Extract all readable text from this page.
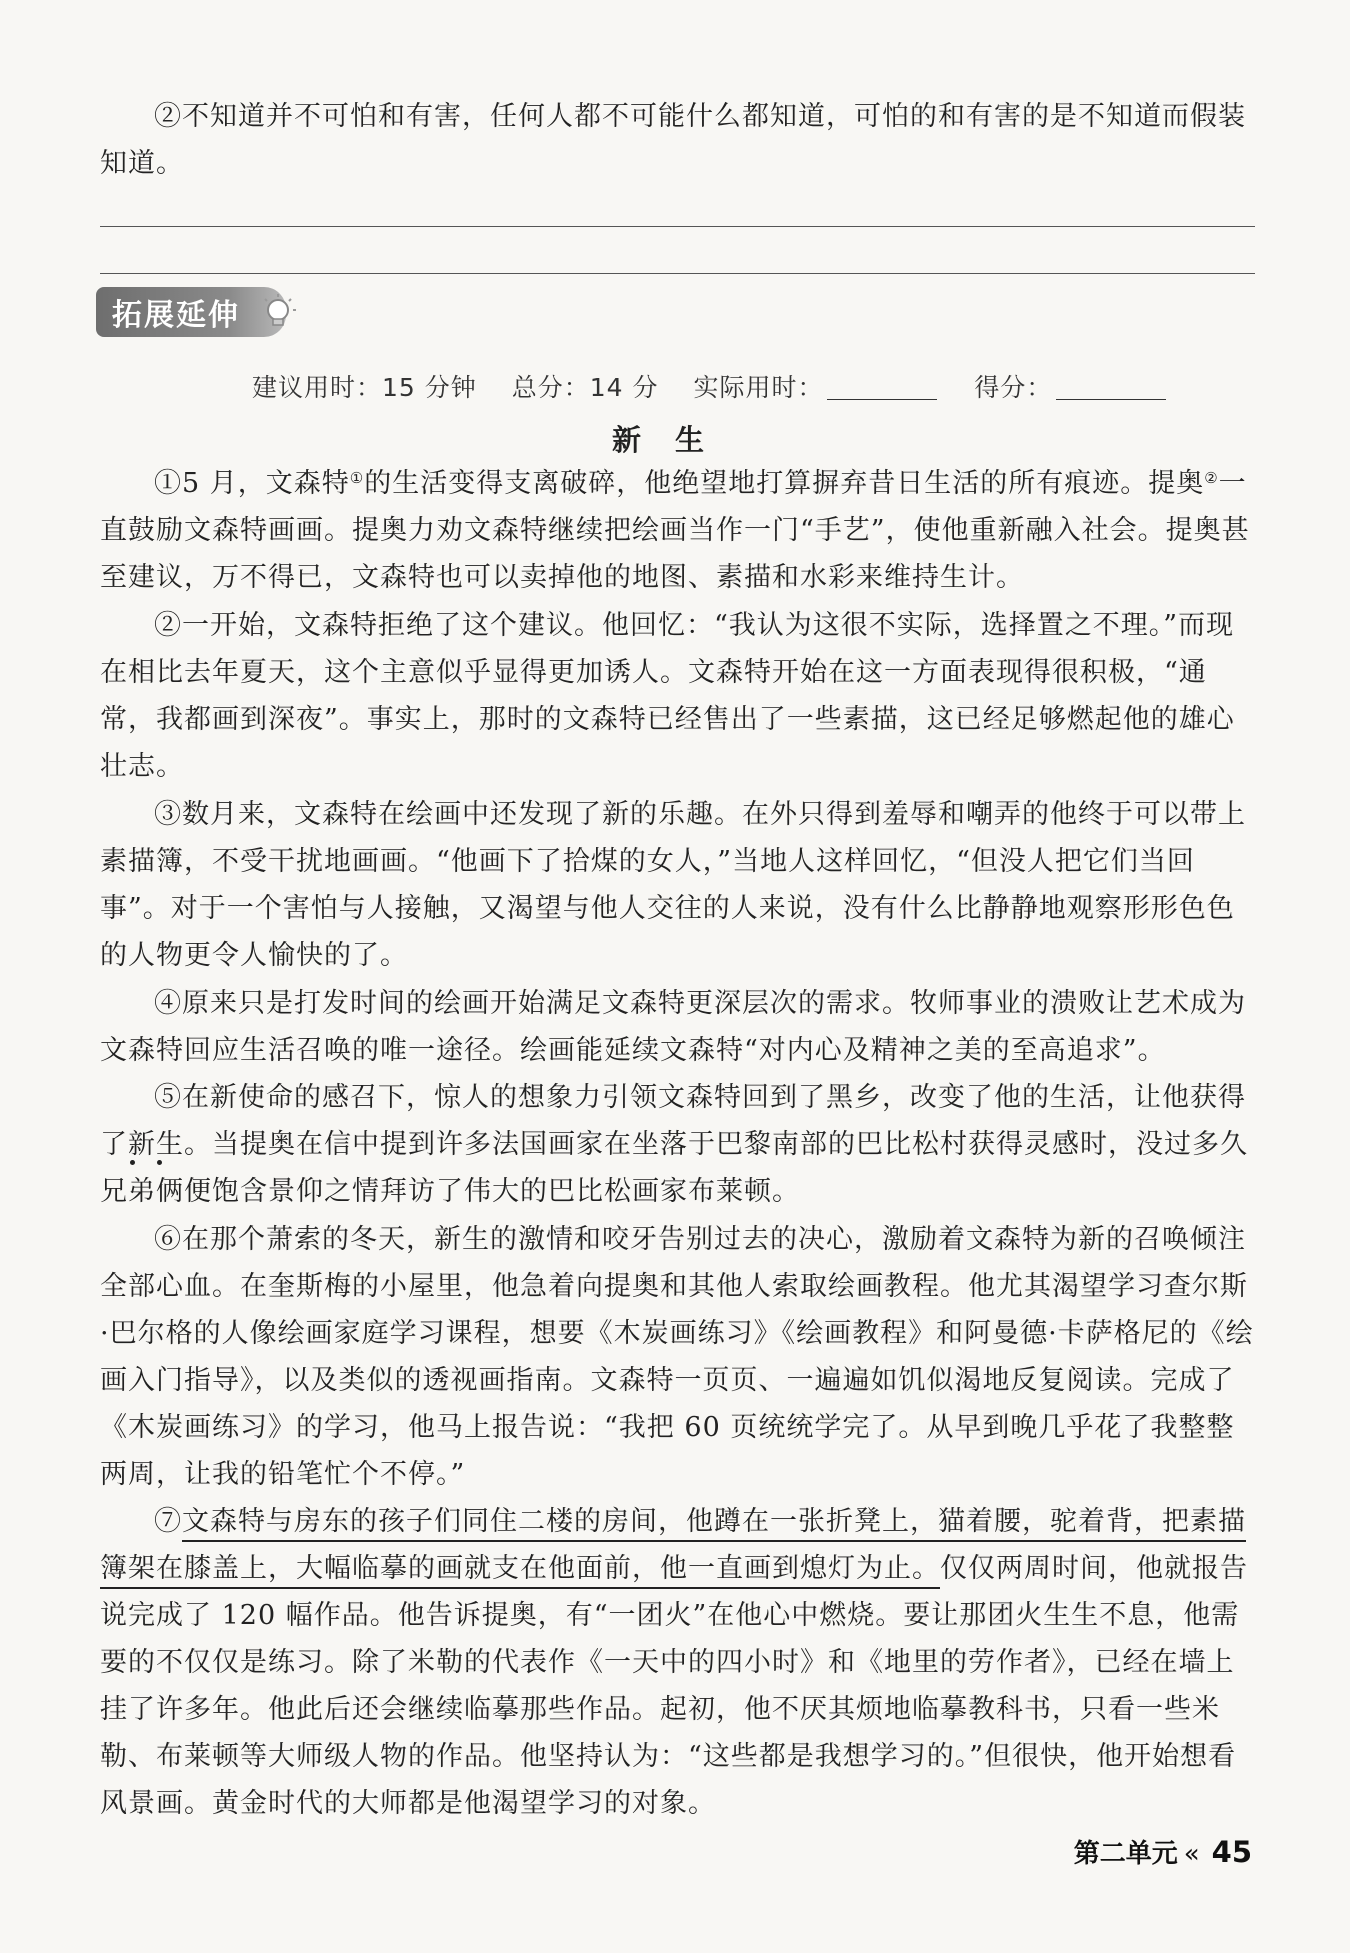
②不知道并不可怕和有害，任何人都不可能什么都知道，可怕的和有害的是不知道而假装知道。

拓展延伸
建议用时：15 分钟 总分：14 分 实际用时：	得分：
新生

①5 月，文森特①的生活变得支离破碎，他绝望地打算摒弃昔日生活的所有痕迹。提奥②一直鼓励文森特画画。提奥力劝文森特继续把绘画当作一门“手艺”，使他重新融入社会。提奥甚至建议，万不得已，文森特也可以卖掉他的地图、素描和水彩来维持生计。

②一开始，文森特拒绝了这个建议。他回忆：“我认为这很不实际，选择置之不理。”而现在相比去年夏天，这个主意似乎显得更加诱人。文森特开始在这一方面表现得很积极，“通常，我都画到深夜”。事实上，那时的文森特已经售出了一些素描，这已经足够燃起他的雄心壮志。

③数月来，文森特在绘画中还发现了新的乐趣。在外只得到羞辱和嘲弄的他终于可以带上素描簿，不受干扰地画画。“他画下了拾煤的女人，”当地人这样回忆，“但没人把它们当回事”。对于一个害怕与人接触，又渴望与他人交往的人来说，没有什么比静静地观察形形色色的人物更令人愉快的了。

④原来只是打发时间的绘画开始满足文森特更深层次的需求。牧师事业的溃败让艺术成为文森特回应生活召唤的唯一途径。绘画能延续文森特“对内心及精神之美的至高追求”。

⑤在新使命的感召下，惊人的想象力引领文森特回到了黑乡，改变了他的生活，让他获得了新生。当提奥在信中提到许多法国画家在坐落于巴黎南部的巴比松村获得灵感时，没过多久兄弟俩便饱含景仰之情拜访了伟大的巴比松画家布莱顿。

⑥在那个萧索的冬天，新生的激情和咬牙告别过去的决心，激励着文森特为新的召唤倾注全部心血。在奎斯梅的小屋里，他急着向提奥和其他人索取绘画教程。他尤其渴望学习查尔斯·巴尔格的人像绘画家庭学习课程，想要《木炭画练习》《绘画教程》和阿曼德·卡萨格尼的《绘画入门指导》，以及类似的透视画指南。文森特一页页、一遍遍如饥似渴地反复阅读。完成了《木炭画练习》的学习，他马上报告说：“我把 60 页统统学完了。从早到晚几乎花了我整整两周，让我的铅笔忙个不停。”

⑦文森特与房东的孩子们同住二楼的房间，他蹲在一张折凳上，猫着腰，驼着背，把素描簿架在膝盖上，大幅临摹的画就支在他面前，他一直画到熄灯为止。仅仅两周时间，他就报告说完成了 120 幅作品。他告诉提奥，有“一团火”在他心中燃烧。要让那团火生生不息，他需要的不仅仅是练习。除了米勒的代表作《一天中的四小时》和《地里的劳作者》，已经在墙上挂了许多年。他此后还会继续临摹那些作品。起初，他不厌其烦地临摹教科书，只看一些米勒、布莱顿等大师级人物的作品。他坚持认为：“这些都是我想学习的。”但很快，他开始想看风景画。黄金时代的大师都是他渴望学习的对象。

第二单元 « 45
